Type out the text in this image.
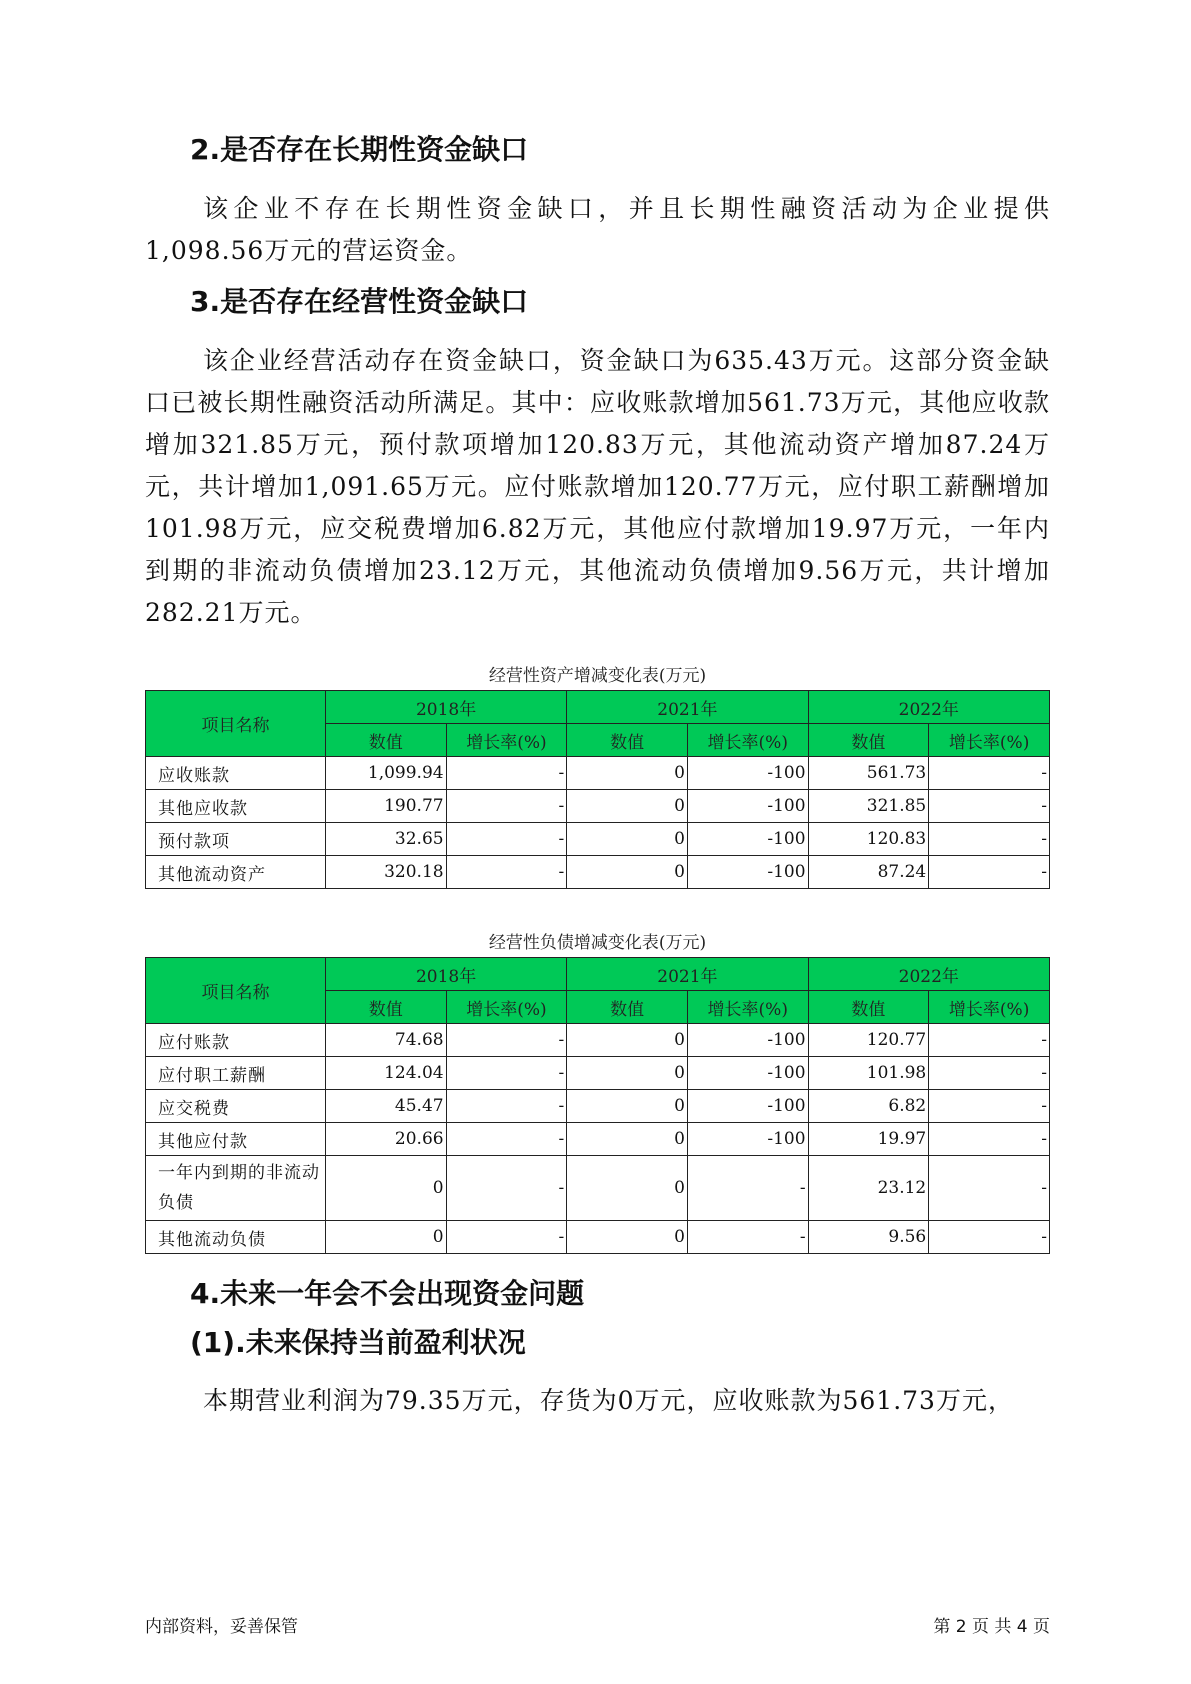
2.是否存在长期性资金缺口

该企业不存在长期性资金缺口，并且长期性融资活动为企业提供1,098.56万元的营运资金。

3.是否存在经营性资金缺口

该企业经营活动存在资金缺口，资金缺口为635.43万元。这部分资金缺口已被长期性融资活动所满足。其中：应收账款增加561.73万元，其他应收款增加321.85万元，预付款项增加120.83万元，其他流动资产增加87.24万元，共计增加1,091.65万元。应付账款增加120.77万元，应付职工薪酬增加101.98万元，应交税费增加6.82万元，其他应付款增加19.97万元，一年内到期的非流动负债增加23.12万元，其他流动负债增加9.56万元，共计增加282.21万元。

经营性资产增减变化表(万元)
项目名称	2018年		2021年		2022年	
	数值	增长率(%)	数值	增长率(%)	数值	增长率(%)
应收账款	1,099.94	-	0	-100	561.73	-
其他应收款	190.77	-	0	-100	321.85	-
预付款项	32.65	-	0	-100	120.83	-
其他流动资产	320.18	-	0	-100	87.24	-
经营性负债增减变化表(万元)
项目名称	2018年		2021年		2022年	
	数值	增长率(%)	数值	增长率(%)	数值	增长率(%)
应付账款	74.68	-	0	-100	120.77	-
应付职工薪酬	124.04	-	0	-100	101.98	-
应交税费	45.47	-	0	-100	6.82	-
其他应付款	20.66	-	0	-100	19.97	-
一年内到期的非流动负债	0	-	0	-	23.12	-
其他流动负债	0	-	0	-	9.56	-
4.未来一年会不会出现资金问题
(1).未来保持当前盈利状况

本期营业利润为79.35万元，存货为0万元，应收账款为561.73万元，

内部资料，妥善保管	第 2 页 共 4 页
